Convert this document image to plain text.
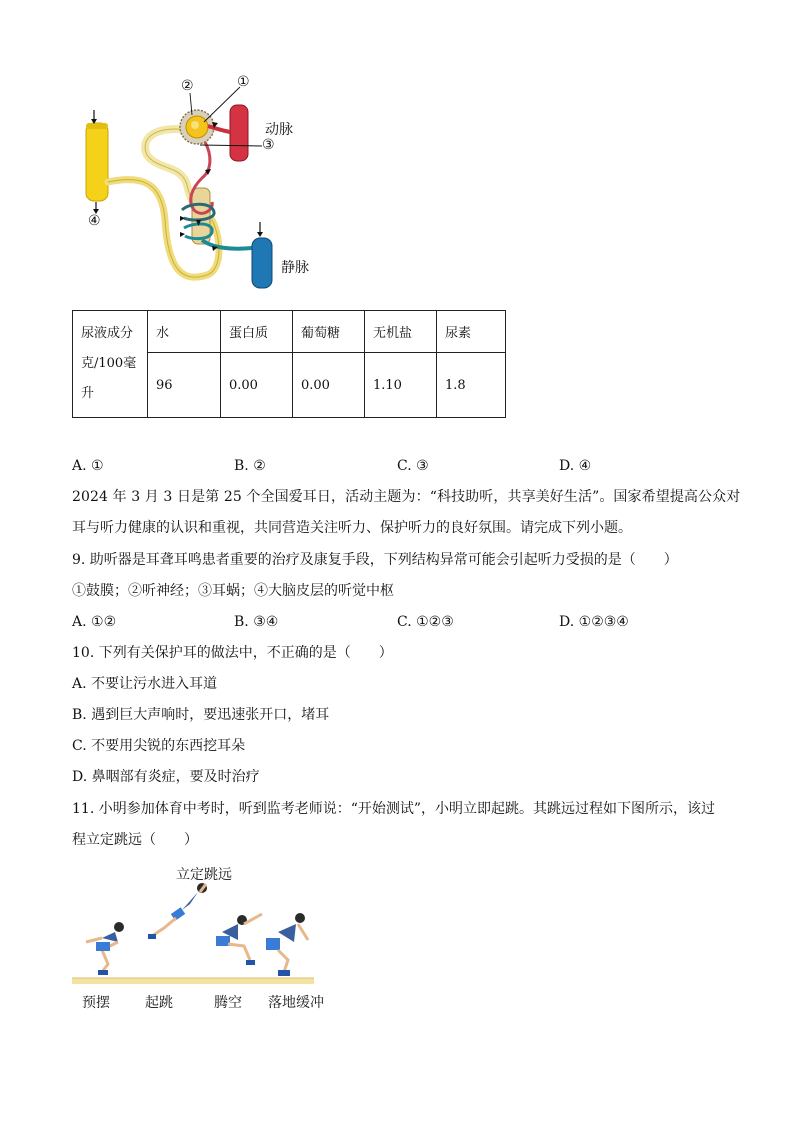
①
②
③
④
动脉
静脉
尿液成分
克/100毫
升	水	蛋白质	葡萄糖	无机盐	尿素
	96	0.00	0.00	1.10	1.8
A. ①	B. ②	C. ③	D. ④
2024 年 3 月 3 日是第 25 个全国爱耳日，活动主题为：“科技助听，共享美好生活”。国家希望提高公众对
耳与听力健康的认识和重视，共同营造关注听力、保护听力的良好氛围。请完成下列小题。
9. 助听器是耳聋耳鸣患者重要的治疗及康复手段，下列结构异常可能会引起听力受损的是（　　）
①鼓膜；②听神经；③耳蜗；④大脑皮层的听觉中枢
A. ①②	B. ③④	C. ①②③	D. ①②③④
10. 下列有关保护耳的做法中，不正确的是（　　）
A. 不要让污水进入耳道
B. 遇到巨大声响时，要迅速张开口，堵耳
C. 不要用尖锐的东西挖耳朵
D. 鼻咽部有炎症，要及时治疗
11. 小明参加体育中考时，听到监考老师说：“开始测试”，小明立即起跳。其跳远过程如下图所示，该过
程立定跳远（　　）
立定跳远
预摆	起跳	腾空 落地缓冲
